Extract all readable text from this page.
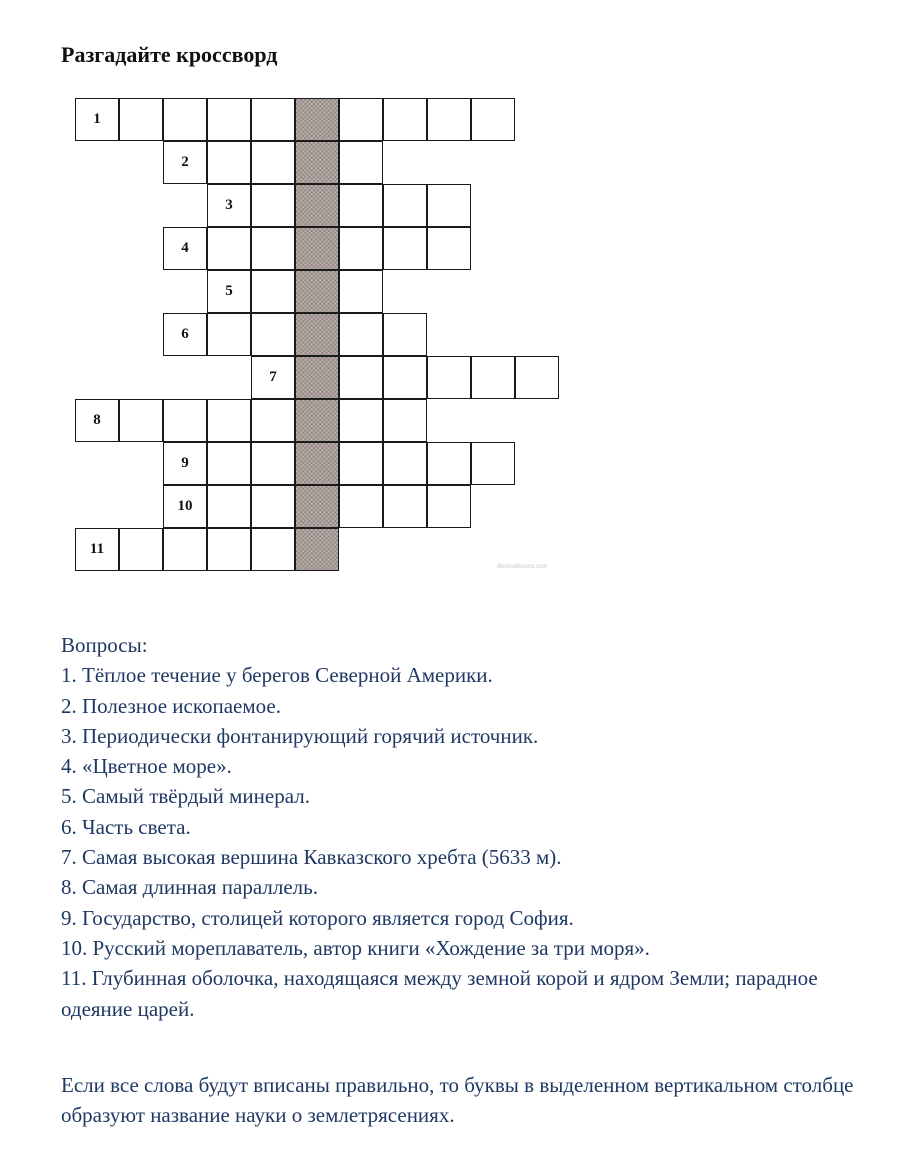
Разгадайте кроссворд
1
2
3
4
5
6
7
8
9
10
11
BeGreBlooms.com
Вопросы:
1. Тёплое течение у берегов Северной Америки.
2. Полезное ископаемое.
3. Периодически фонтанирующий горячий источник.
4. «Цветное море».
5. Самый твёрдый минерал.
6. Часть света.
7. Самая высокая вершина Кавказского хребта (5633 м).
8. Самая длинная параллель.
9. Государство, столицей которого является город София.
10. Русский мореплаватель, автор книги «Хождение за три моря».
11. Глубинная оболочка, находящаяся между земной корой и ядром Земли; парадное одеяние царей.

Если все слова будут вписаны правильно, то буквы в выделенном вертикальном столбце образуют название науки о землетрясениях.
